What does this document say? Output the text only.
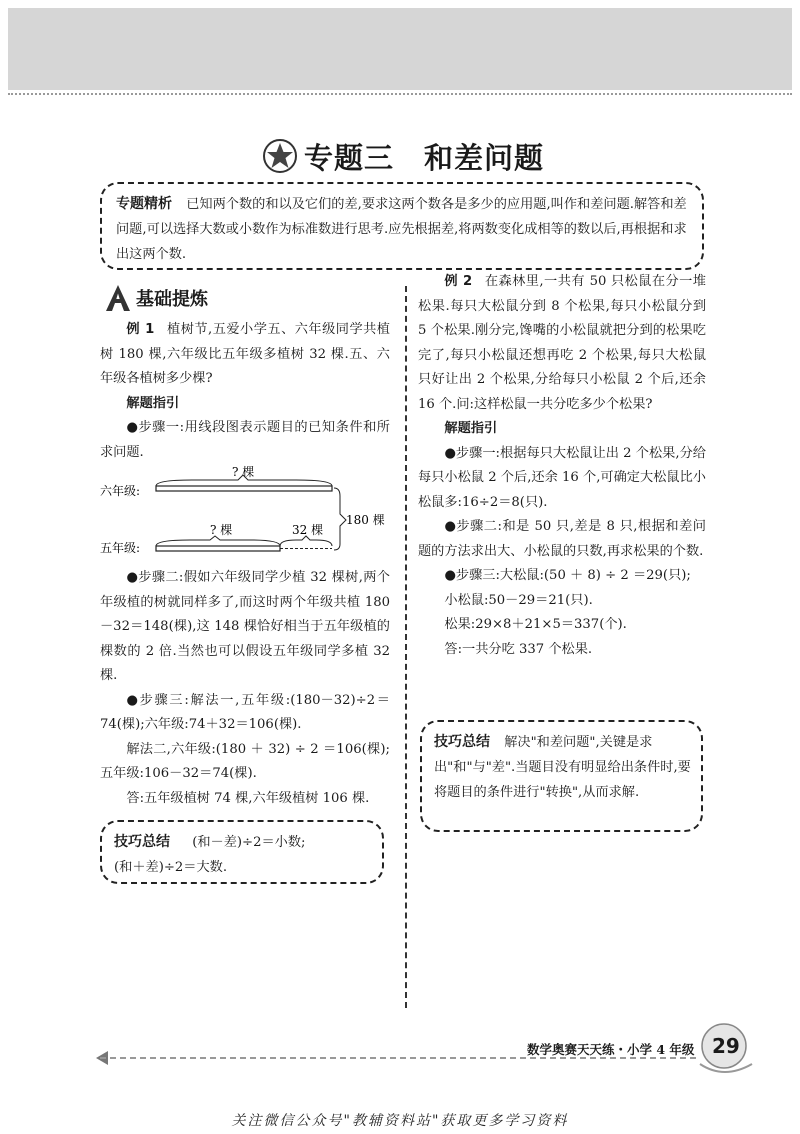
专题三　和差问题
专题精析 已知两个数的和以及它们的差,要求这两个数各是多少的应用题,叫作和差问题.解答和差问题,可以选择大数或小数作为标准数进行思考.应先根据差,将两数变化成相等的数以后,再根据和求出这两个数.
基础提炼

例 1 植树节,五爱小学五、六年级同学共植树 180 棵,六年级比五年级多植树 32 棵.五、六年级各植树多少棵?

解题指引

●步骤一:用线段图表示题目的已知条件和所求问题.

? 棵
六年级:
180 棵
? 棵	32 棵
五年级:

●步骤二:假如六年级同学少植 32 棵树,两个年级植的树就同样多了,而这时两个年级共植 180－32＝148(棵),这 148 棵恰好相当于五年级植的棵数的 2 倍.当然也可以假设五年级同学多植 32 棵.

●步骤三:解法一,五年级:(180－32)÷2＝74(棵);六年级:74＋32＝106(棵).

解法二,六年级:(180 ＋ 32) ÷ 2 ＝106(棵);五年级:106－32＝74(棵).

答:五年级植树 74 棵,六年级植树 106 棵.

技巧总结 (和－差)÷2＝小数;
(和＋差)÷2＝大数.

例 2 在森林里,一共有 50 只松鼠在分一堆松果.每只大松鼠分到 8 个松果,每只小松鼠分到 5 个松果.刚分完,馋嘴的小松鼠就把分到的松果吃完了,每只小松鼠还想再吃 2 个松果,每只大松鼠只好让出 2 个松果,分给每只小松鼠 2 个后,还余 16 个.问:这样松鼠一共分吃多少个松果?

解题指引

●步骤一:根据每只大松鼠让出 2 个松果,分给每只小松鼠 2 个后,还余 16 个,可确定大松鼠比小松鼠多:16÷2＝8(只).

●步骤二:和是 50 只,差是 8 只,根据和差问题的方法求出大、小松鼠的只数,再求松果的个数.

●步骤三:大松鼠:(50 ＋ 8) ÷ 2 ＝29(只);

小松鼠:50－29＝21(只).

松果:29×8＋21×5＝337(个).

答:一共分吃 337 个松果.

技巧总结 解决"和差问题",关键是求出"和"与"差".当题目没有明显给出条件时,要将题目的条件进行"转换",从而求解.
数学奥赛天天练・小学 4 年级 29
关注微信公众号"教辅资料站"获取更多学习资料
